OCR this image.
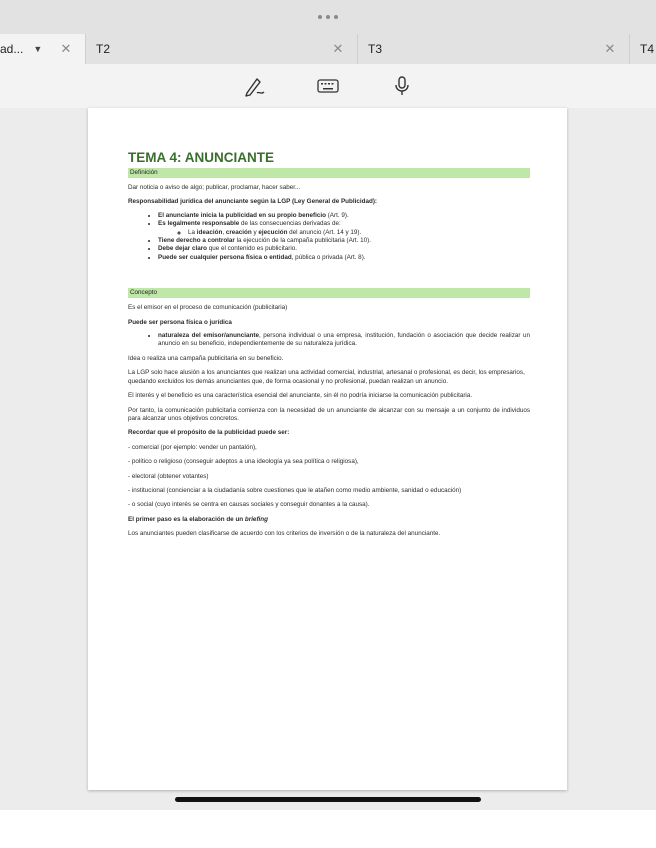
ad... ▼ ✕ T2	✕ T3	✕ T4
TEMA 4: ANUNCIANTE
Definición

Dar noticia o aviso de algo; publicar, proclamar, hacer saber...

Responsabilidad jurídica del anunciante según la LGP (Ley General de Publicidad):

• El anunciante inicia la publicidad en su propio beneficio (Art. 9).
• Es legalmente responsable de las consecuencias derivadas de:
◦ La ideación, creación y ejecución del anuncio (Art. 14 y 19).
• Tiene derecho a controlar la ejecución de la campaña publicitaria (Art. 10).
• Debe dejar claro que el contenido es publicitario.
• Puede ser cualquier persona física o entidad, pública o privada (Art. 8).
Concepto

Es el emisor en el proceso de comunicación (publicitaria)

Puede ser persona física o jurídica

• naturaleza del emisor/anunciante, persona individual o una empresa, institución, fundación o asociación que decide realizar un anuncio en su beneficio, independientemente de su naturaleza jurídica.

Idea o realiza una campaña publicitaria en su beneficio.

La LGP solo hace alusión a los anunciantes que realizan una actividad comercial, industrial, artesanal o profesional, es decir, los empresarios, quedando excluidos los demás anunciantes que, de forma ocasional y no profesional, puedan realizan un anuncio.

El interés y el beneficio es una característica esencial del anunciante, sin él no podría iniciarse la comunicación publicitaria.

Por tanto, la comunicación publicitaria comienza con la necesidad de un anunciante de alcanzar con su mensaje a un conjunto de individuos para alcanzar unos objetivos concretos.

Recordar que el propósito de la publicidad puede ser:

- comercial (por ejemplo: vender un pantalón),

- político o religioso (conseguir adeptos a una ideología ya sea política o religiosa),

- electoral (obtener votantes)

- institucional (concienciar a la ciudadanía sobre cuestiones que le atañen como medio ambiente, sanidad o educación)

- o social (cuyo interés se centra en causas sociales y conseguir donantes a la causa).

El primer paso es la elaboración de un briefing

Los anunciantes pueden clasificarse de acuerdo con los criterios de inversión o de la naturaleza del anunciante.
